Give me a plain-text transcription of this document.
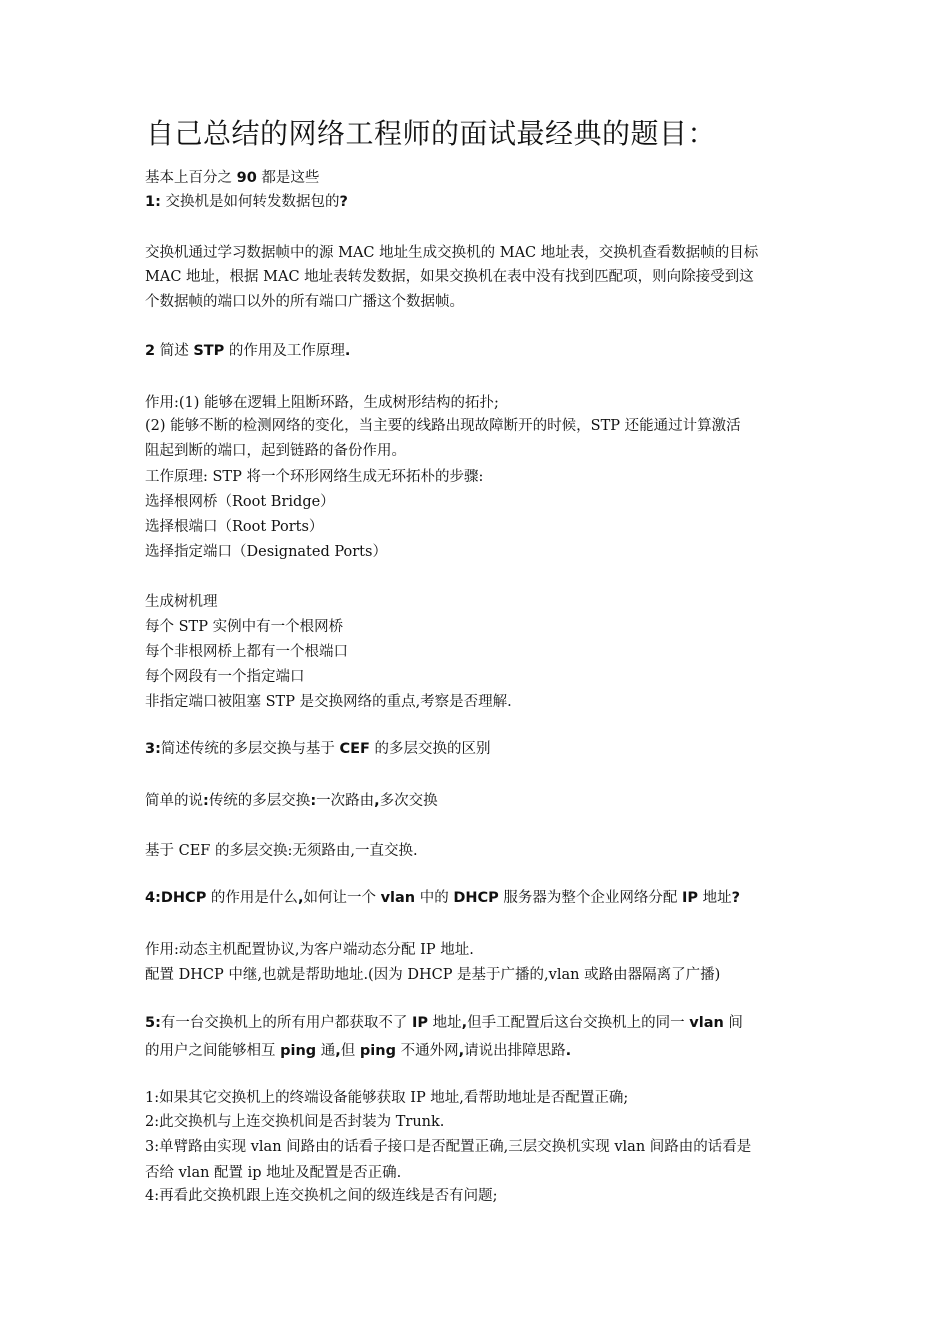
自己总结的网络工程师的面试最经典的题目：
基本上百分之 90 都是这些
1: 交换机是如何转发数据包的?
交换机通过学习数据帧中的源 MAC 地址生成交换机的 MAC 地址表，交换机查看数据帧的目标
MAC 地址，根据 MAC 地址表转发数据，如果交换机在表中没有找到匹配项，则向除接受到这
个数据帧的端口以外的所有端口广播这个数据帧。
2 简述 STP 的作用及工作原理.
作用:(1) 能够在逻辑上阻断环路，生成树形结构的拓扑;
(2) 能够不断的检测网络的变化，当主要的线路出现故障断开的时候，STP 还能通过计算激活
阻起到断的端口，起到链路的备份作用。
工作原理: STP 将一个环形网络生成无环拓朴的步骤:
选择根网桥（Root Bridge）
选择根端口（Root Ports）
选择指定端口（Designated Ports）
生成树机理
每个 STP 实例中有一个根网桥
每个非根网桥上都有一个根端口
每个网段有一个指定端口
非指定端口被阻塞 STP 是交换网络的重点,考察是否理解.
3:简述传统的多层交换与基于 CEF 的多层交换的区别
简单的说:传统的多层交换:一次路由,多次交换
基于 CEF 的多层交换:无须路由,一直交换.
4:DHCP 的作用是什么,如何让一个 vlan 中的 DHCP 服务器为整个企业网络分配 IP 地址?
作用:动态主机配置协议,为客户端动态分配 IP 地址.
配置 DHCP 中继,也就是帮助地址.(因为 DHCP 是基于广播的,vlan 或路由器隔离了广播)
5:有一台交换机上的所有用户都获取不了 IP 地址,但手工配置后这台交换机上的同一 vlan 间
的用户之间能够相互 ping 通,但 ping 不通外网,请说出排障思路.
1:如果其它交换机上的终端设备能够获取 IP 地址,看帮助地址是否配置正确;
2:此交换机与上连交换机间是否封装为 Trunk.
3:单臂路由实现 vlan 间路由的话看子接口是否配置正确,三层交换机实现 vlan 间路由的话看是
否给 vlan 配置 ip 地址及配置是否正确.
4:再看此交换机跟上连交换机之间的级连线是否有问题;
